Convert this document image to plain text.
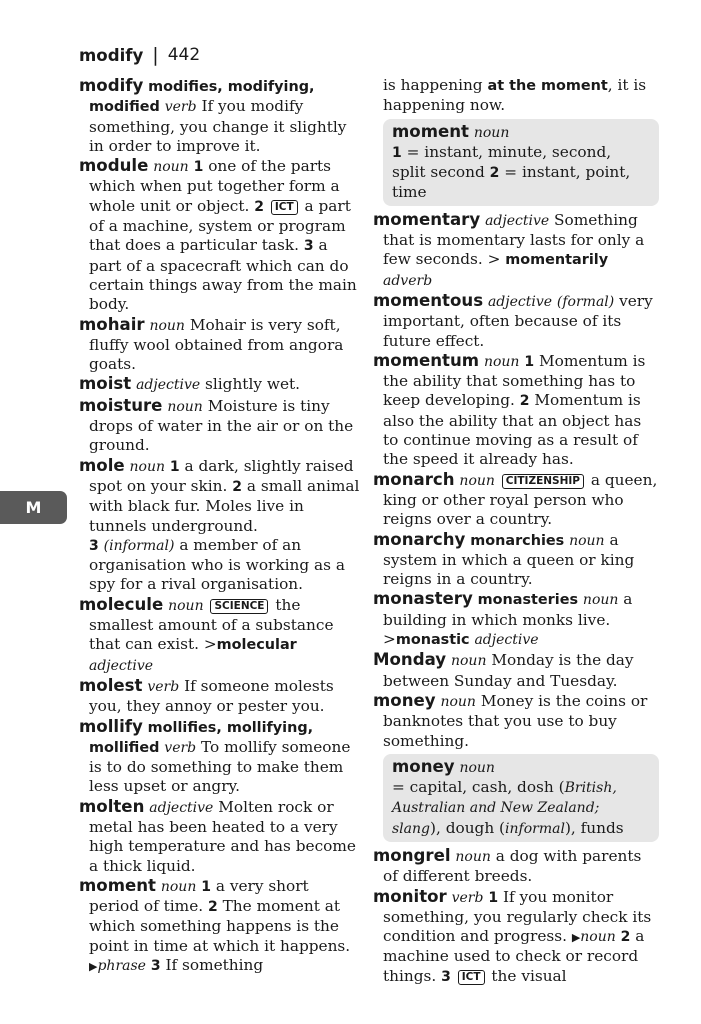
modify | 442
M

modify modifies, modifying, modified verb If you modify something, you change it slightly in order to improve it.

module noun 1 one of the parts which when put together form a whole unit or object. 2 ICT a part of a machine, system or program that does a particular task. 3 a part of a spacecraft which can do certain things away from the main body.

mohair noun Mohair is very soft, fluffy wool obtained from angora goats.

moist adjective slightly wet.

moisture noun Moisture is tiny drops of water in the air or on the ground.

mole noun 1 a dark, slightly raised spot on your skin. 2 a small animal with black fur. Moles live in tunnels underground.
3 (informal) a member of an organisation who is working as a spy for a rival organisation.

molecule noun SCIENCE the smallest amount of a substance that can exist. >molecular adjective

molest verb If someone molests you, they annoy or pester you.

mollify mollifies, mollifying, mollified verb To mollify someone is to do something to make them less upset or angry.

molten adjective Molten rock or metal has been heated to a very high temperature and has become a thick liquid.

moment noun 1 a very short period of time. 2 The moment at which something happens is the point in time at which it happens. ▶phrase 3 If something

is happening at the moment, it is happening now.

moment noun
1 = instant, minute, second, split second 2 = instant, point, time

momentary adjective Something that is momentary lasts for only a few seconds. > momentarily adverb

momentous adjective (formal) very important, often because of its future effect.

momentum noun 1 Momentum is the ability that something has to keep developing. 2 Momentum is also the ability that an object has to continue moving as a result of the speed it already has.

monarch noun CITIZENSHIP a queen, king or other royal person who reigns over a country.

monarchy monarchies noun a system in which a queen or king reigns in a country.

monastery monasteries noun a building in which monks live.
>monastic adjective

Monday noun Monday is the day between Sunday and Tuesday.

money noun Money is the coins or banknotes that you use to buy something.

money noun
= capital, cash, dosh (British, Australian and New Zealand; slang), dough (informal), funds

mongrel noun a dog with parents of different breeds.

monitor verb 1 If you monitor something, you regularly check its condition and progress. ▶noun 2 a machine used to check or record things. 3 ICT the visual
